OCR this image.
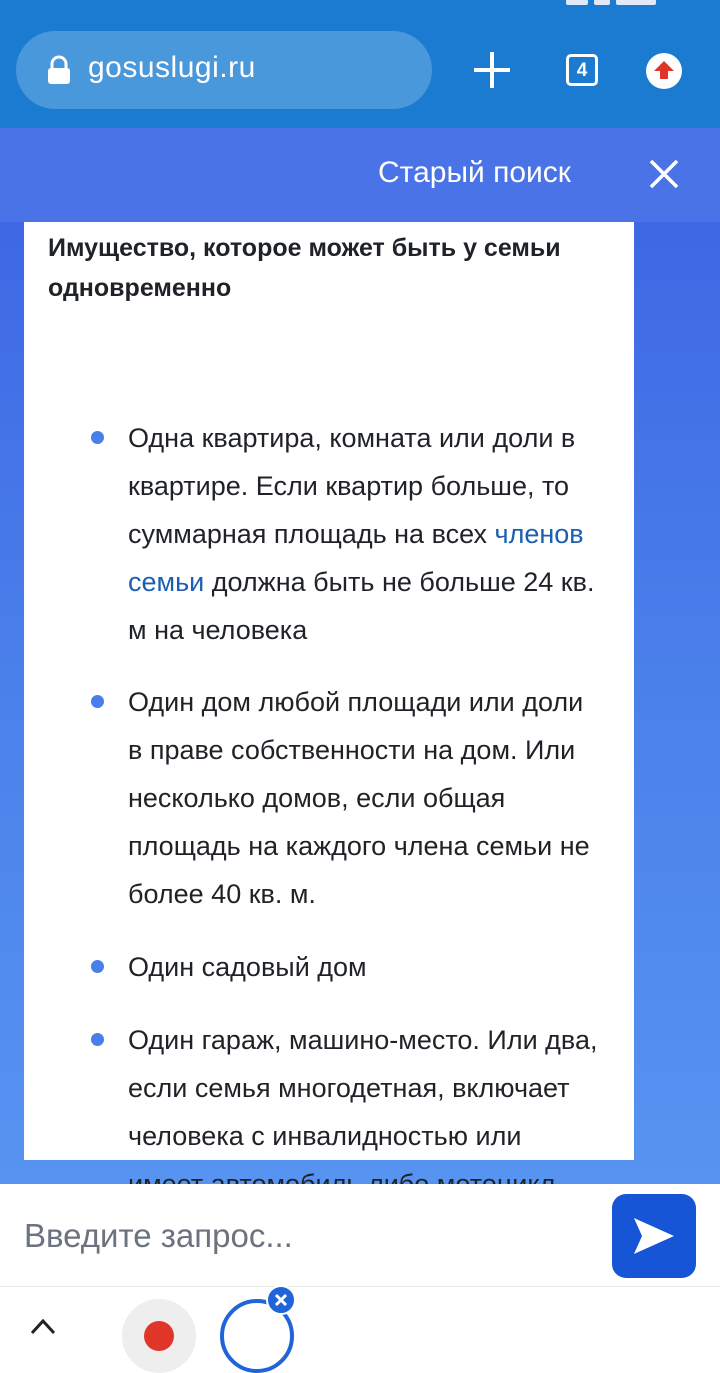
gosuslugi.ru	4
Старый поиск
Имущество, которое может быть у семьи одновременно
Одна квартира, комната или доли в квартире. Если квартир больше, то суммарная площадь на всех членов семьи должна быть не больше 24 кв. м на человека
Один дом любой площади или доли в праве собственности на дом. Или несколько домов, если общая площадь на каждого члена семьи не более 40 кв. м.
Один садовый дом
Один гараж, машино-место. Или два, если семья многодетная, включает человека с инвалидностью или
Введите запрос...
